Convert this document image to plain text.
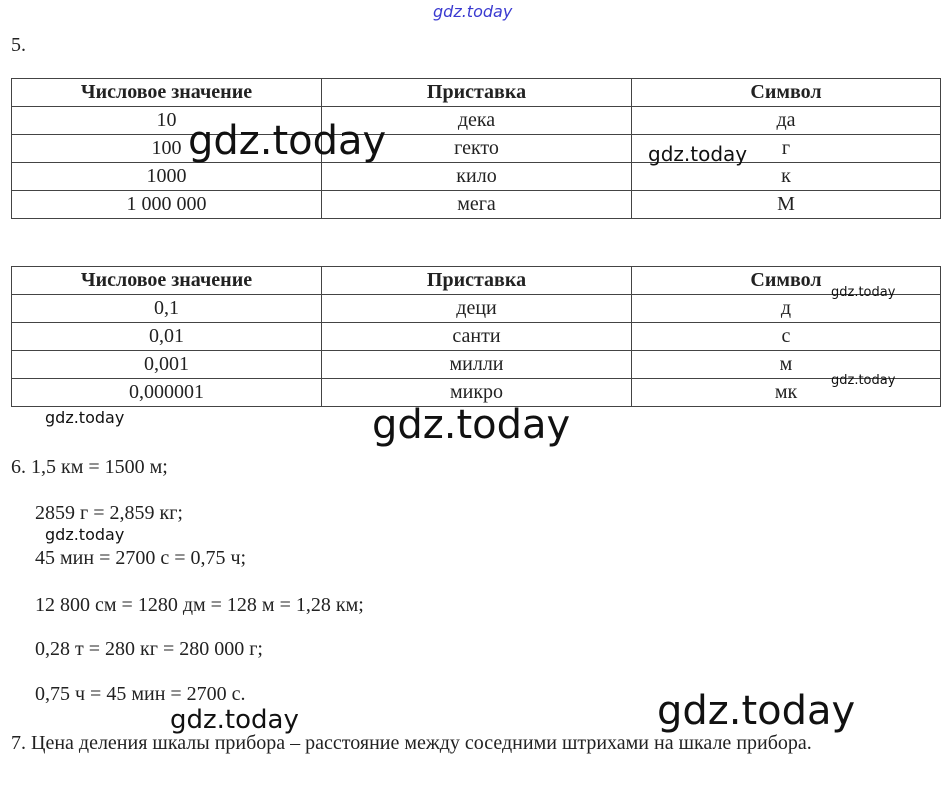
gdz.today
5.
Числовое значение	Приставка	Символ
10	дека	да
100	гекто	г
1000	кило	к
1 000 000	мега	М
Числовое значение	Приставка	Символ
0,1	деци	д
0,01	санти	с
0,001	милли	м
0,000001	микро	мк
gdz.today	gdz.today
gdz.today
gdz.today
gdz.today	gdz.today
6. 1,5 км = 1500 м;
2859 г = 2,859 кг;
gdz.today
45 мин = 2700 с = 0,75 ч;
12 800 см = 1280 дм = 128 м = 1,28 км;
0,28 т = 280 кг = 280 000 г;
0,75 ч = 45 мин = 2700 с.
7. Цена деления шкалы прибора – расстояние между соседними штрихами на шкале прибора.
gdz.today	gdz.today
